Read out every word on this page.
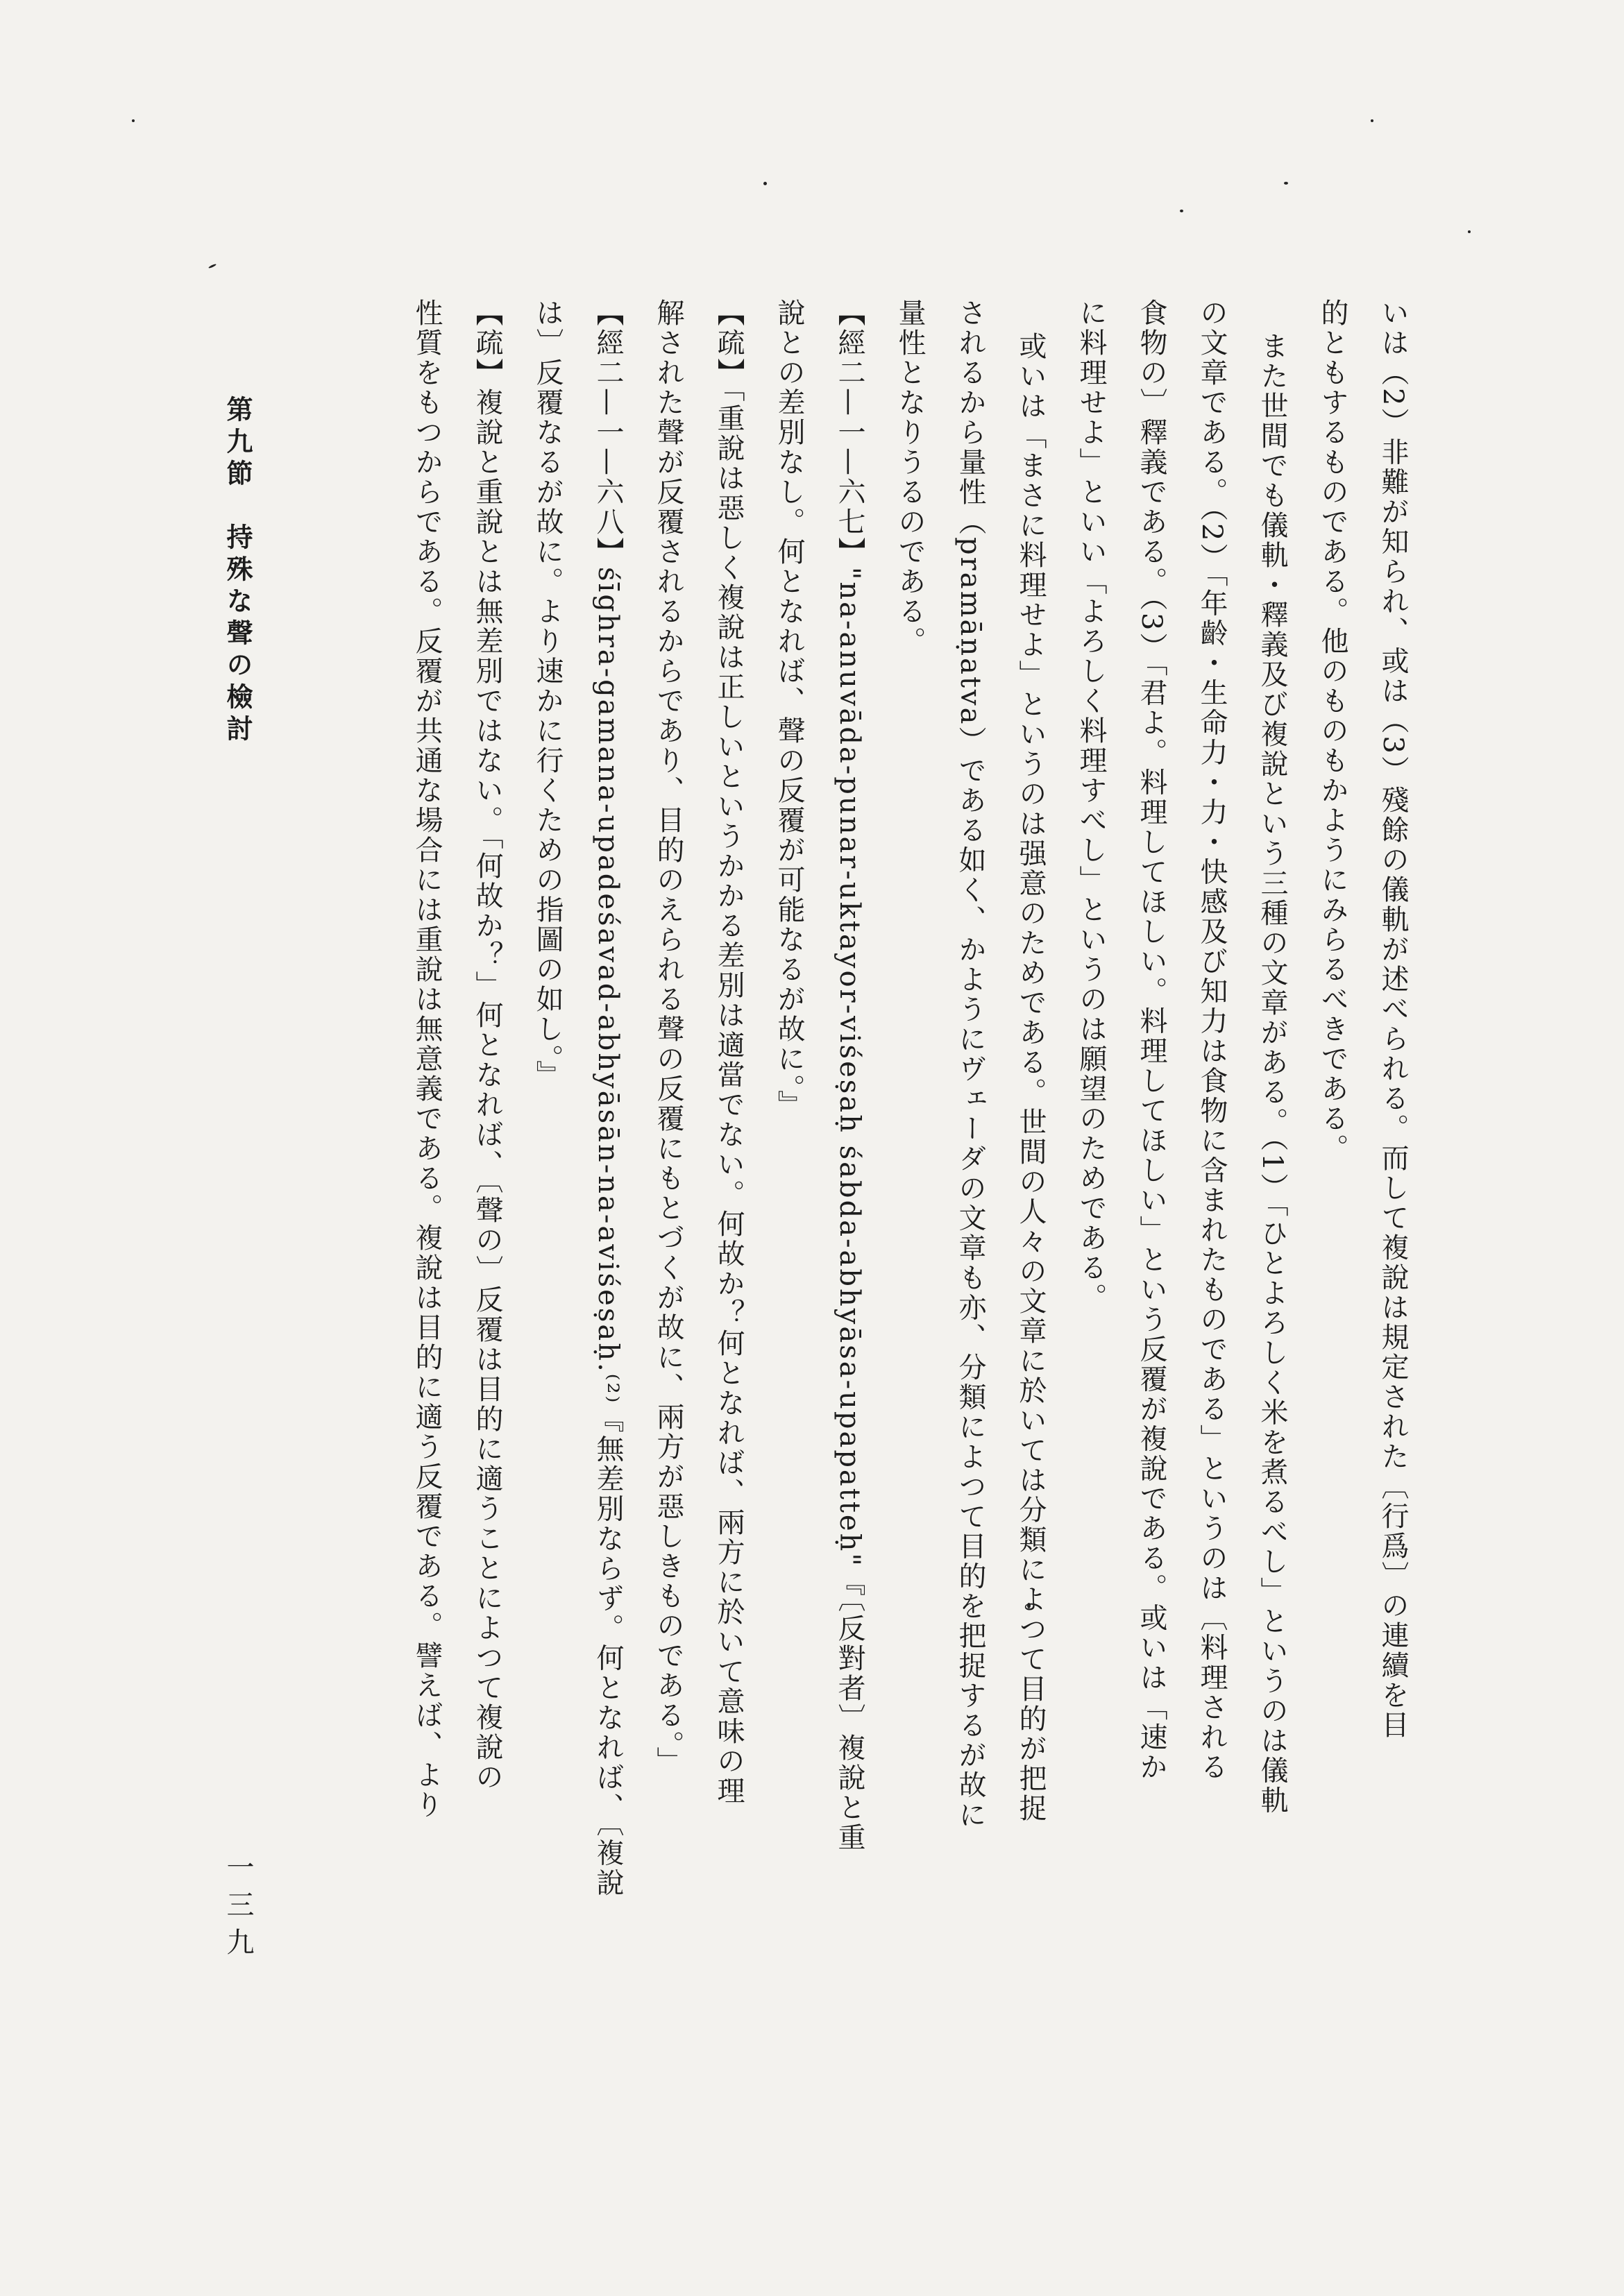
いは（2）非難が知られ、或は（3）殘餘の儀軌が述べられる。而して複說は規定された〔行爲〕の連續を目
的ともするものである。他のものもかようにみらるべきである。
また世間でも儀軌・釋義及び複說という三種の文章がある。（1）「ひとよろしく米を煮るべし」というのは儀軌
の文章である。（2）「年齡・生命力・力・快感及び知力は食物に含まれたものである」というのは〔料理される
食物の〕釋義である。（3）「君よ。料理してほしい。料理してほしい」という反覆が複說である。或いは「速か
に料理せよ」といい「よろしく料理すべし」というのは願望のためである。
或いは「まさに料理せよ」というのは强意のためである。世間の人々の文章に於いては分類によつて目的が把捉
されるから量性（pramāṇatva）である如く、かようにヴェーダの文章も亦、分類によつて目的を把捉するが故に
量性となりうるのである。
【經二—一—六七】"na-anuvāda-punar-uktayor-viśeṣaḥ śabda-abhyāsa-upapatteḥ"『〔反對者〕複說と重
說との差別なし。何となれば、聲の反覆が可能なるが故に。』
【疏】「重說は惡しく複說は正しいというかかる差別は適當でない。何故か？何となれば、兩方に於いて意味の理
解された聲が反覆されるからであり、目的のえられる聲の反覆にもとづくが故に、兩方が惡しきものである。」
【經二—一—六八】śīghra-gamana-upadeśavad-abhyāsān-na-aviśeṣaḥ.⁽²⁾『無差別ならず。何となれば、〔複說
は〕反覆なるが故に。より速かに行くための指圖の如し。』
【疏】複說と重說とは無差別ではない。「何故か？」何となれば、〔聲の〕反覆は目的に適うことによつて複說の
性質をもつからである。反覆が共通な場合には重說は無意義である。複說は目的に適う反覆である。譬えば、より
第九節　持殊な聲の檢討
一三九
